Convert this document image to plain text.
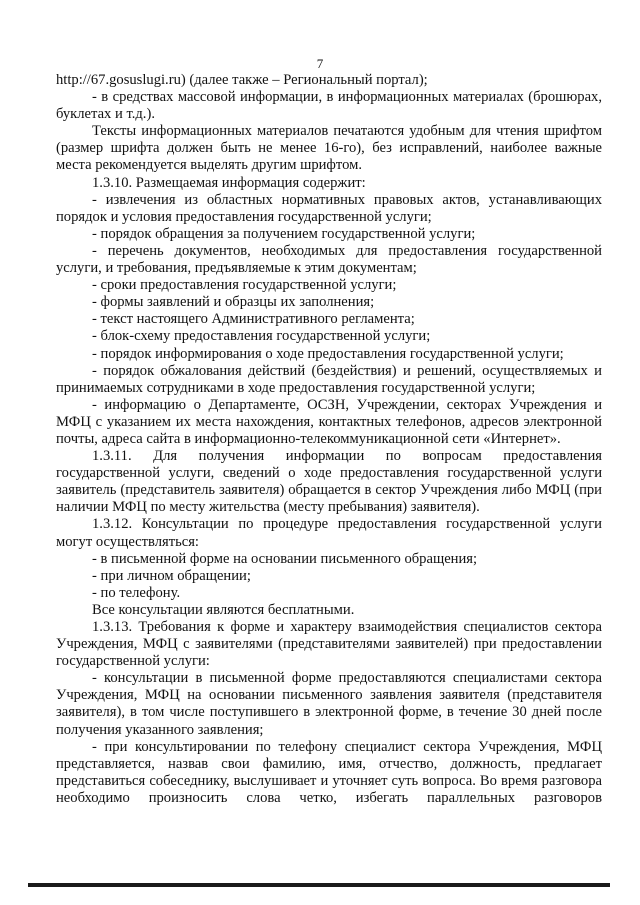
7

http://67.gosuslugi.ru) (далее также – Региональный портал);

- в средствах массовой информации, в информационных материалах (брошюрах, буклетах и т.д.).

Тексты информационных материалов печатаются удобным для чтения шрифтом (размер шрифта должен быть не менее 16-го), без исправлений, наиболее важные места рекомендуется выделять другим шрифтом.

1.3.10. Размещаемая информация содержит:

- извлечения из областных нормативных правовых актов, устанавливающих порядок и условия предоставления государственной услуги;

- порядок обращения за получением государственной услуги;

- перечень документов, необходимых для предоставления государственной услуги, и требования, предъявляемые к этим документам;

- сроки предоставления государственной услуги;

- формы заявлений и образцы их заполнения;

- текст настоящего Административного регламента;

- блок-схему предоставления государственной услуги;

- порядок информирования о ходе предоставления государственной услуги;

- порядок обжалования действий (бездействия) и решений, осуществляемых и принимаемых сотрудниками в ходе предоставления государственной услуги;

- информацию о Департаменте, ОСЗН, Учреждении, секторах Учреждения и МФЦ с указанием их места нахождения, контактных телефонов, адресов электронной почты, адреса сайта в информационно-телекоммуникационной сети «Интернет».

1.3.11. Для получения информации по вопросам предоставления государственной услуги, сведений о ходе предоставления государственной услуги заявитель (представитель заявителя) обращается в сектор Учреждения либо МФЦ (при наличии МФЦ по месту жительства (месту пребывания) заявителя).

1.3.12. Консультации по процедуре предоставления государственной услуги могут осуществляться:

- в письменной форме на основании письменного обращения;

- при личном обращении;

- по телефону.

Все консультации являются бесплатными.

1.3.13. Требования к форме и характеру взаимодействия специалистов сектора Учреждения, МФЦ с заявителями (представителями заявителей) при предоставлении государственной услуги:

- консультации в письменной форме предоставляются специалистами сектора Учреждения, МФЦ на основании письменного заявления заявителя (представителя заявителя), в том числе поступившего в электронной форме, в течение 30 дней после получения указанного заявления;

- при консультировании по телефону специалист сектора Учреждения, МФЦ представляется, назвав свои фамилию, имя, отчество, должность, предлагает представиться собеседнику, выслушивает и уточняет суть вопроса. Во время разговора необходимо произносить слова четко, избегать параллельных разговоров
